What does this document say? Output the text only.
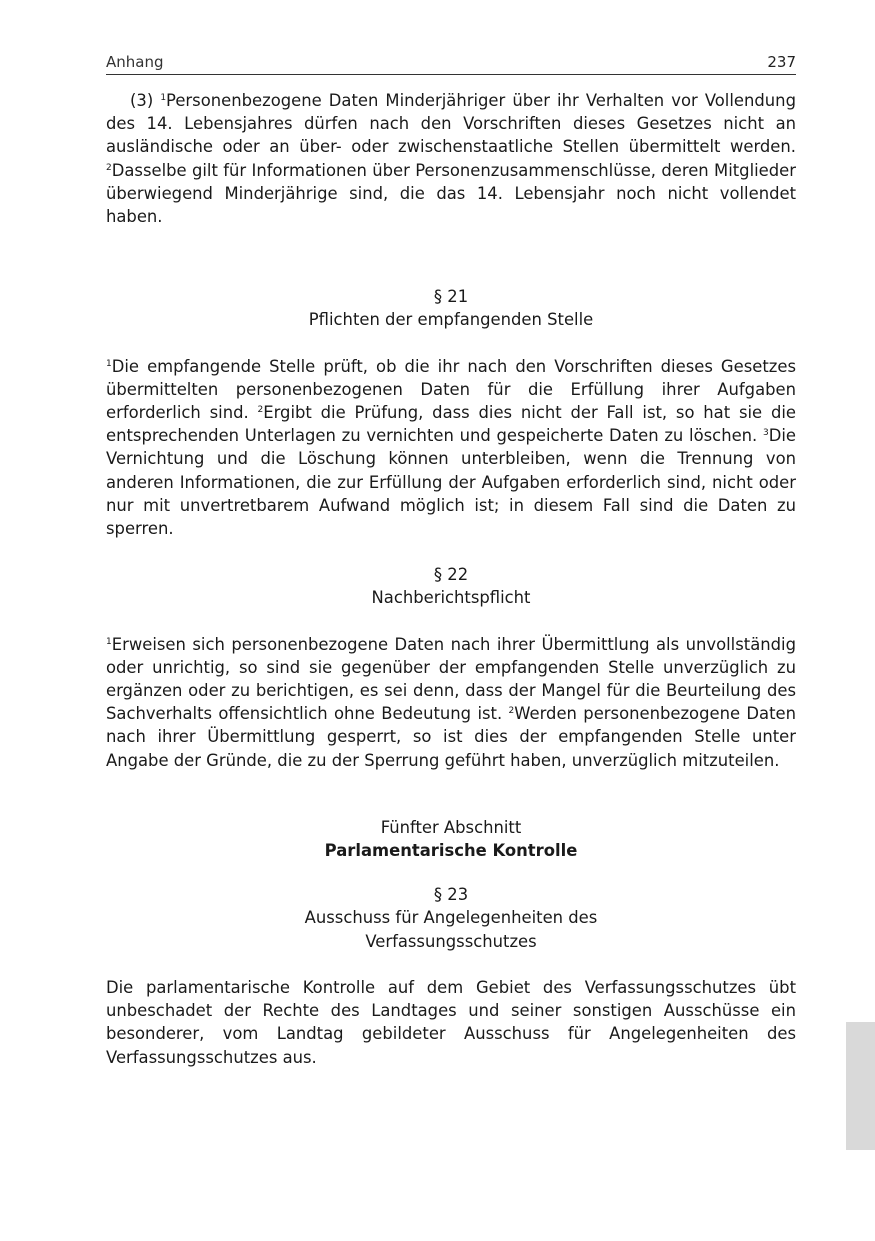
Anhang	237

(3) $^1$Personenbezogene Daten Minderjähriger über ihr Verhalten vor Vollendung des 14. Lebensjahres dürfen nach den Vorschriften dieses Gesetzes nicht an ausländische oder an über- oder zwischenstaatliche Stellen übermittelt werden. $^2$Dasselbe gilt für Informationen über Personenzusammenschlüsse, deren Mitglieder überwiegend Minderjährige sind, die das 14. Lebensjahr noch nicht vollendet haben.

§ 21

Pflichten der empfangenden Stelle

$^1$Die empfangende Stelle prüft, ob die ihr nach den Vorschriften dieses Gesetzes übermittelten personenbezogenen Daten für die Erfüllung ihrer Aufgaben erforderlich sind. $^2$Ergibt die Prüfung, dass dies nicht der Fall ist, so hat sie die entsprechenden Unterlagen zu vernichten und gespeicherte Daten zu löschen. $^3$Die Vernichtung und die Löschung können unterbleiben, wenn die Trennung von anderen Informationen, die zur Erfüllung der Aufgaben erforderlich sind, nicht oder nur mit unvertretbarem Aufwand möglich ist; in diesem Fall sind die Daten zu sperren.

§ 22

Nachberichtspflicht

$^1$Erweisen sich personenbezogene Daten nach ihrer Übermittlung als unvollständig oder unrichtig, so sind sie gegenüber der empfangenden Stelle unverzüglich zu ergänzen oder zu berichtigen, es sei denn, dass der Mangel für die Beurteilung des Sachverhalts offensichtlich ohne Bedeutung ist. $^2$Werden personenbezogene Daten nach ihrer Übermittlung gesperrt, so ist dies der empfangenden Stelle unter Angabe der Gründe, die zu der Sperrung geführt haben, unverzüglich mitzuteilen.

Fünfter Abschnitt

Parlamentarische Kontrolle

§ 23

Ausschuss für Angelegenheiten des

Verfassungsschutzes

Die parlamentarische Kontrolle auf dem Gebiet des Verfassungsschutzes übt unbeschadet der Rechte des Landtages und seiner sonstigen Ausschüsse ein besonderer, vom Landtag gebildeter Ausschuss für Angelegenheiten des Verfassungsschutzes aus.
